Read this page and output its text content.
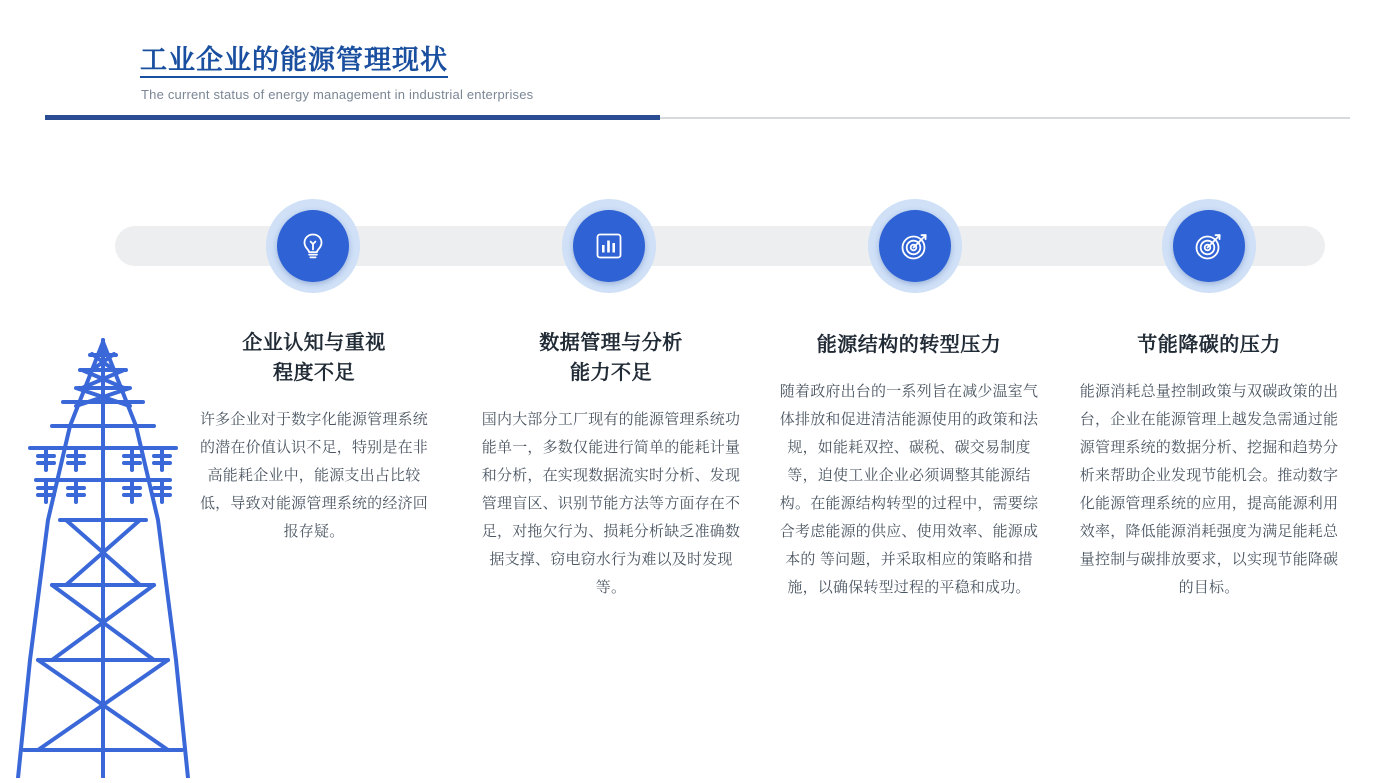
工业企业的能源管理现状
The current status of energy management in industrial enterprises
企业认知与重视
程度不足
许多企业对于数字化能源管理系统的潜在价值认识不足，特别是在非高能耗企业中，能源支出占比较低，导致对能源管理系统的经济回报存疑。
数据管理与分析
能力不足
国内大部分工厂现有的能源管理系统功能单一，多数仅能进行简单的能耗计量和分析，在实现数据流实时分析、发现管理盲区、识别节能方法等方面存在不足，对拖欠行为、损耗分析缺乏准确数据支撑、窃电窃水行为难以及时发现等。
能源结构的转型压力
随着政府出台的一系列旨在减少温室气体排放和促进清洁能源使用的政策和法规，如能耗双控、碳税、碳交易制度等，迫使工业企业必须调整其能源结构。在能源结构转型的过程中，需要综合考虑能源的供应、使用效率、能源成本的 等问题，并采取相应的策略和措施，以确保转型过程的平稳和成功。
节能降碳的压力
能源消耗总量控制政策与双碳政策的出台，企业在能源管理上越发急需通过能源管理系统的数据分析、挖掘和趋势分析来帮助企业发现节能机会。推动数字化能源管理系统的应用，提高能源利用效率，降低能源消耗强度为满足能耗总量控制与碳排放要求，以实现节能降碳的目标。
